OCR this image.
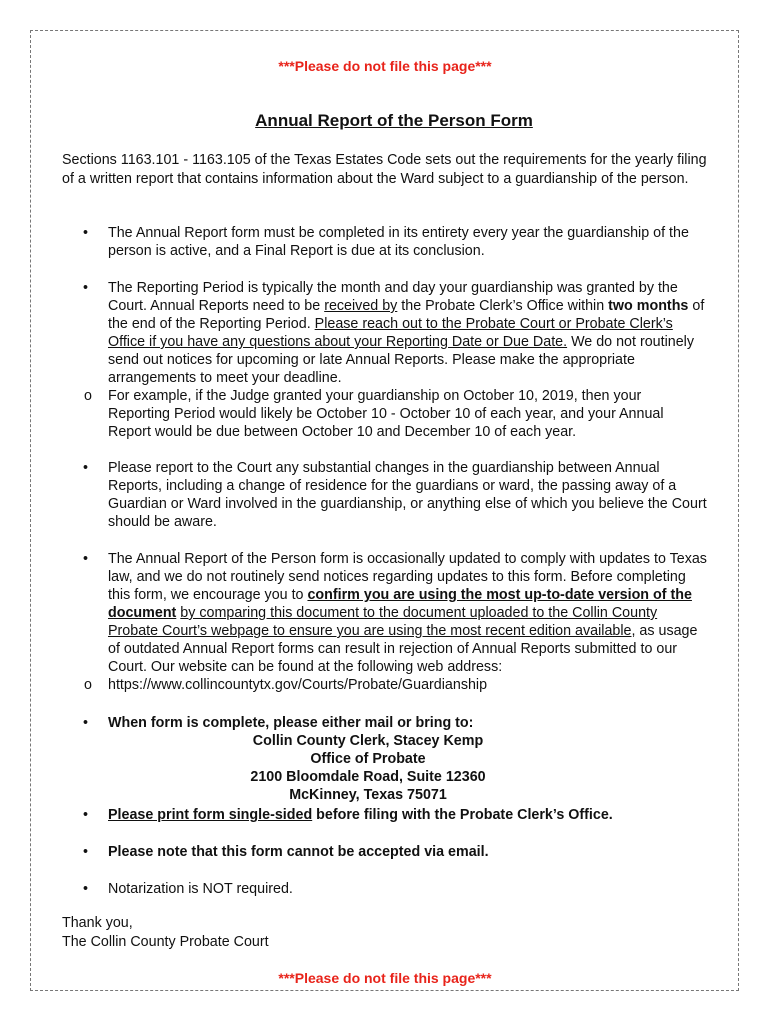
***Please do not file this page***
Annual Report of the Person Form
Sections 1163.101 - 1163.105 of the Texas Estates Code sets out the requirements for the yearly filing of a written report that contains information about the Ward subject to a guardianship of the person.
• The Annual Report form must be completed in its entirety every year the guardianship of the person is active, and a Final Report is due at its conclusion.
• The Reporting Period is typically the month and day your guardianship was granted by the Court. Annual Reports need to be received by the Probate Clerk’s Office within two months of the end of the Reporting Period. Please reach out to the Probate Court or Probate Clerk’s Office if you have any questions about your Reporting Date or Due Date. We do not routinely send out notices for upcoming or late Annual Reports. Please make the appropriate arrangements to meet your deadline.
o For example, if the Judge granted your guardianship on October 10, 2019, then your Reporting Period would likely be October 10 - October 10 of each year, and your Annual Report would be due between October 10 and December 10 of each year.
• Please report to the Court any substantial changes in the guardianship between Annual Reports, including a change of residence for the guardians or ward, the passing away of a Guardian or Ward involved in the guardianship, or anything else of which you believe the Court should be aware.
• The Annual Report of the Person form is occasionally updated to comply with updates to Texas law, and we do not routinely send notices regarding updates to this form. Before completing this form, we encourage you to confirm you are using the most up-to-date version of the document by comparing this document to the document uploaded to the Collin County Probate Court’s webpage to ensure you are using the most recent edition available, as usage of outdated Annual Report forms can result in rejection of Annual Reports submitted to our Court. Our website can be found at the following web address:
o https://www.collincountytx.gov/Courts/Probate/Guardianship
• When form is complete, please either mail or bring to:
Collin County Clerk, Stacey Kemp
Office of Probate
2100 Bloomdale Road, Suite 12360
McKinney, Texas 75071
• Please print form single-sided before filing with the Probate Clerk’s Office.
• Please note that this form cannot be accepted via email.
• Notarization is NOT required.
Thank you,
The Collin County Probate Court
***Please do not file this page***
